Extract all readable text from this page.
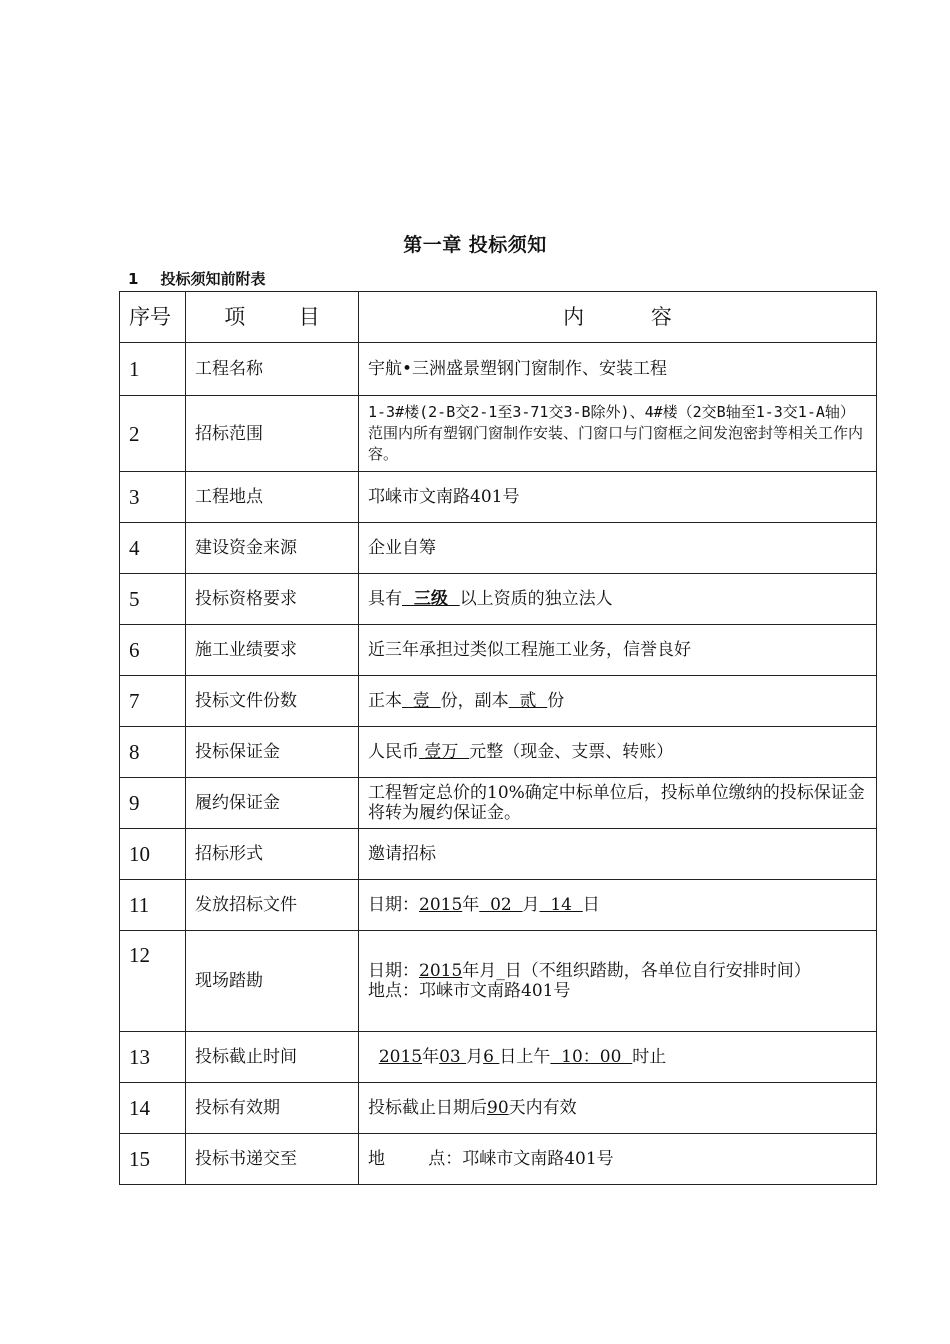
第一章 投标须知
1 投标须知前附表
序号	项        目	内          容
1	工程名称	宇航•三洲盛景塑钢门窗制作、安装工程
2	招标范围	1-3#楼(2-B交2-1至3-71交3-B除外)、4#楼（2交B轴至1-3交1-A轴）范围内所有塑钢门窗制作安装、门窗口与门窗框之间发泡密封等相关工作内容。
3	工程地点	邛崃市文南路401号
4	建设资金来源	企业自筹
5	投标资格要求	具有  三级  以上资质的独立法人
6	施工业绩要求	近三年承担过类似工程施工业务，信誉良好
7	投标文件份数	正本  壹  份，副本  贰  份
8	投标保证金	人民币 壹万  元整（现金、支票、转账）
9	履约保证金	工程暂定总价的10%确定中标单位后，投标单位缴纳的投标保证金将转为履约保证金。
10	招标形式	邀请招标
11	发放招标文件	日期：2015年  02  月  14  日
12	现场踏勘	日期：2015年月_日（不组织踏勘，各单位自行安排时间）
地点：邛崃市文南路401号
13	投标截止时间	2015年03 月6 日上午  10：00  时止
14	投标有效期	投标截止日期后90天内有效
15	投标书递交至	地        点：邛崃市文南路401号
